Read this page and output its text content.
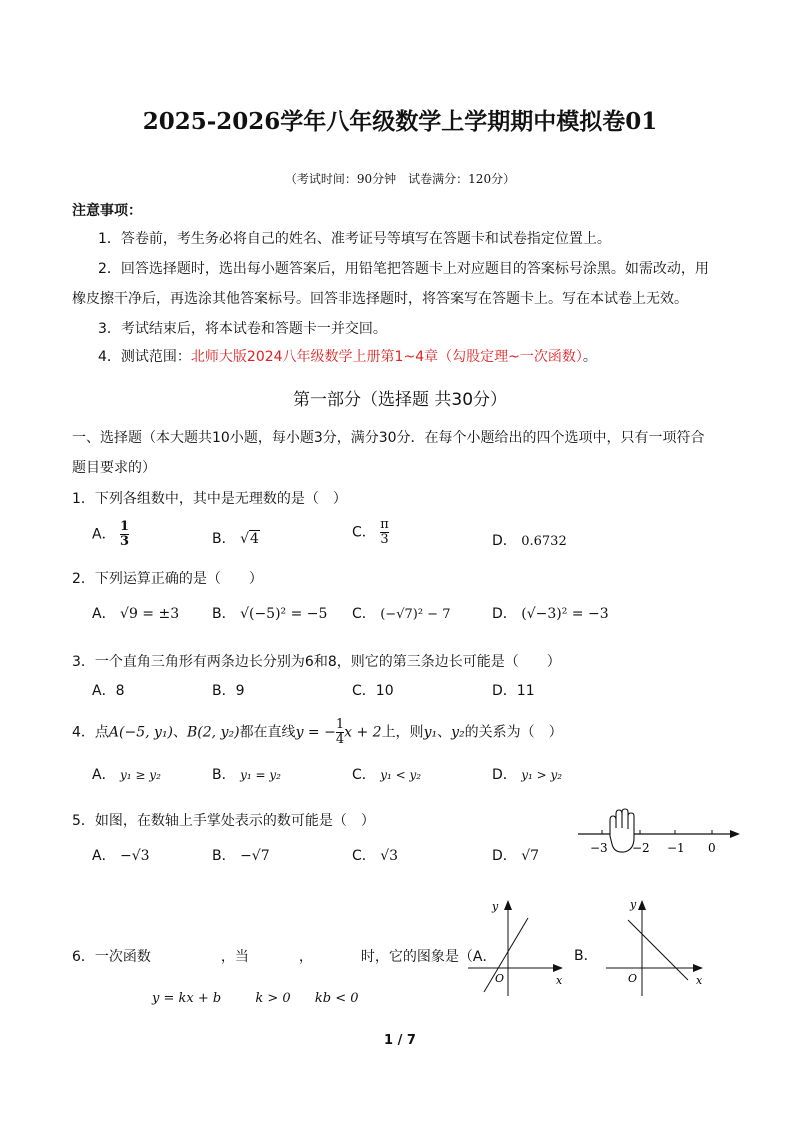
2025-2026学年八年级数学上学期期中模拟卷01
（考试时间：90分钟　试卷满分：120分）
注意事项：
1．答卷前，考生务必将自己的姓名、准考证号等填写在答题卡和试卷指定位置上。
2．回答选择题时，选出每小题答案后，用铅笔把答题卡上对应题目的答案标号涂黑。如需改动，用
橡皮擦干净后，再选涂其他答案标号。回答非选择题时，将答案写在答题卡上。写在本试卷上无效。
3．考试结束后，将本试卷和答题卡一并交回。
4．测试范围：北师大版2024八年级数学上册第1~4章（勾股定理~一次函数）。
第一部分（选择题 共30分）
一、选择题（本大题共10小题，每小题3分，满分30分．在每个小题给出的四个选项中，只有一项符合
题目要求的）
1．下列各组数中，其中是无理数的是（　）
A． $\frac{1}{3}$	B． √4	C． $\frac{\pi}{3}$	D． 0.6732
2．下列运算正确的是（　　）
A． √9 = ±3 B． √(−5)² = −5 C． (−√7)² − 7	D． (√−3)² = −3
3．一个直角三角形有两条边长分别为6和8，则它的第三条边长可能是（　　）
A．8	B．9	C．10	D．11
4．点A(−5, y₁)、B(2, y₂)都在直线y = − $\frac{1}{4}$ x + 2上，则y₁、y₂的关系为（　）
A． y₁ ≥ y₂	B． y₁ = y₂	C． y₁ < y₂	D． y₁ > y₂
5．如图，在数轴上手掌处表示的数可能是（　）
A． −√3	B． −√7	C． √3	D． √7	−3 −2 −1 0
6．一次函数	，当	，	时，它的图象是（A．
y = kx + b	k > 0 kb < 0
y
x
O
B．
y
x
O
1 / 7
